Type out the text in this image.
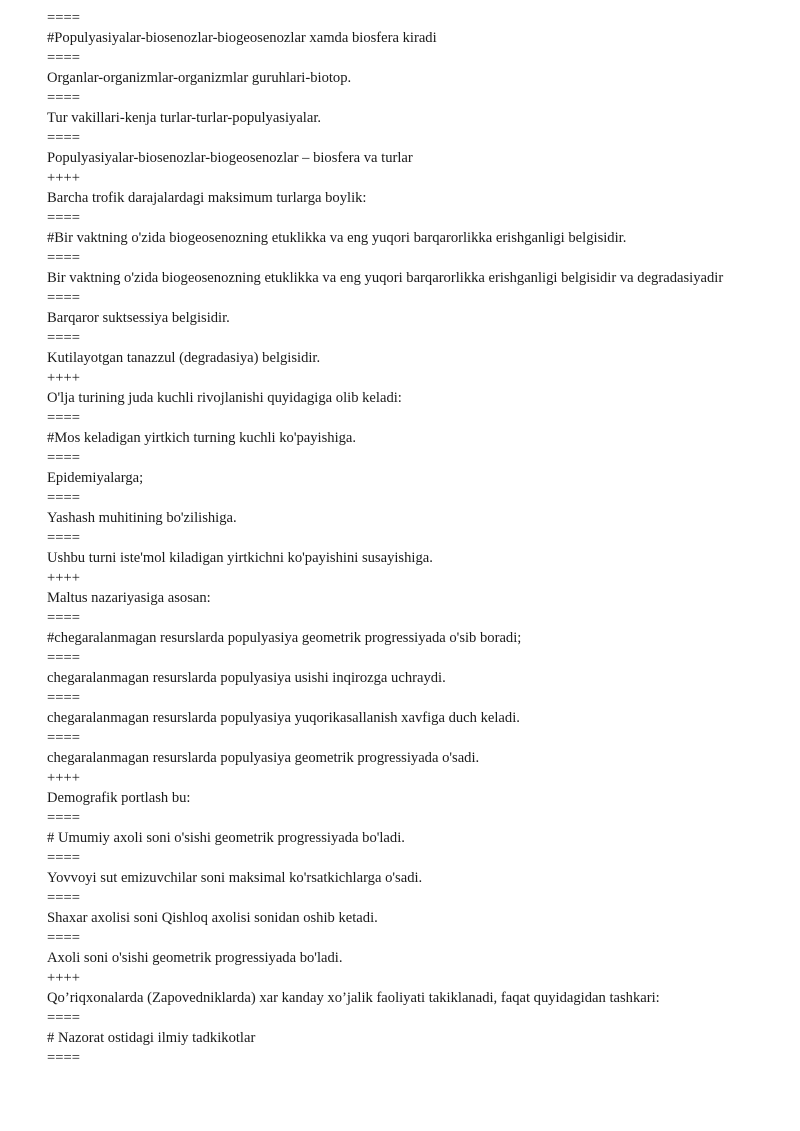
====

#Populyasiyalar-biosenozlar-biogeosenozlar xamda biosfera kiradi

====

Organlar-organizmlar-organizmlar guruhlari-biotop.

====

Tur vakillari-kenja turlar-turlar-populyasiyalar.

====

Populyasiyalar-biosenozlar-biogeosenozlar – biosfera va turlar

++++

Barcha trofik darajalardagi maksimum turlarga boylik:

====

#Bir vaktning o'zida biogeosenozning etuklikka va eng yuqori barqarorlikka erishganligi belgisidir.

====

Bir vaktning o'zida biogeosenozning etuklikka va eng yuqori barqarorlikka erishganligi belgisidir va degradasiyadir

====

Barqaror suktsessiya belgisidir.

====

Kutilayotgan tanazzul (degradasiya) belgisidir.

++++

O'lja turining juda kuchli rivojlanishi quyidagiga olib keladi:

====

#Mos keladigan yirtkich turning kuchli ko'payishiga.

====

Epidemiyalarga;

====

Yashash muhitining bo'zilishiga.

====

Ushbu turni iste'mol kiladigan yirtkichni ko'payishini susayishiga.

++++

Maltus nazariyasiga asosan:

====

#chegaralanmagan resurslarda populyasiya geometrik progressiyada o'sib boradi;

====

chegaralanmagan resurslarda populyasiya usishi inqirozga uchraydi.

====

chegaralanmagan resurslarda populyasiya yuqorikasallanish xavfiga duch keladi.

====

chegaralanmagan resurslarda populyasiya geometrik progressiyada o'sadi.

++++

Demografik portlash bu:

====

# Umumiy axoli soni o'sishi geometrik progressiyada bo'ladi.

====

Yovvoyi sut emizuvchilar soni maksimal ko'rsatkichlarga o'sadi.

====

Shaxar axolisi soni Qishloq axolisi sonidan oshib ketadi.

====

Axoli soni o'sishi geometrik progressiyada bo'ladi.

++++

Qo’riqxonalarda (Zapovedniklarda) xar kanday xo’jalik faoliyati takiklanadi, faqat quyidagidan tashkari:

====

# Nazorat ostidagi ilmiy tadkikotlar

====
